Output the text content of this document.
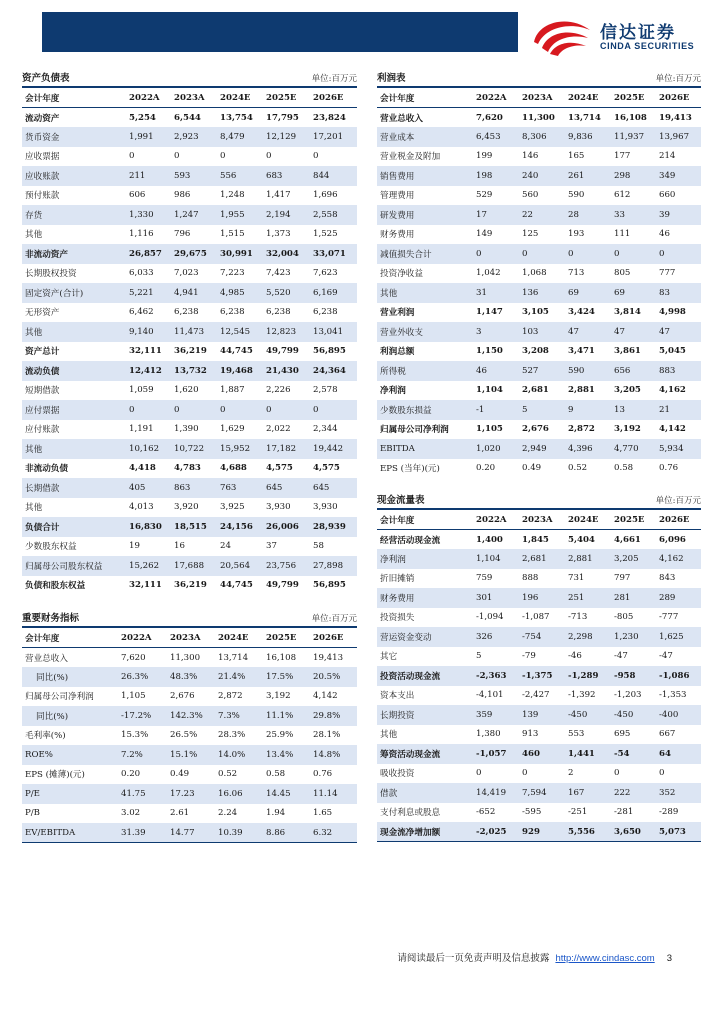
信达证券
CINDA SECURITIES
资产负债表	单位:百万元
会计年度	2022A	2023A	2024E	2025E	2026E
流动资产	5,254	6,544	13,754	17,795	23,824
货币资金	1,991	2,923	8,479	12,129	17,201
应收票据	0	0	0	0	0
应收账款	211	593	556	683	844
预付账款	606	986	1,248	1,417	1,696
存货	1,330	1,247	1,955	2,194	2,558
其他	1,116	796	1,515	1,373	1,525
非流动资产	26,857	29,675	30,991	32,004	33,071
长期股权投资	6,033	7,023	7,223	7,423	7,623
固定资产(合计)	5,221	4,941	4,985	5,520	6,169
无形资产	6,462	6,238	6,238	6,238	6,238
其他	9,140	11,473	12,545	12,823	13,041
资产总计	32,111	36,219	44,745	49,799	56,895
流动负债	12,412	13,732	19,468	21,430	24,364
短期借款	1,059	1,620	1,887	2,226	2,578
应付票据	0	0	0	0	0
应付账款	1,191	1,390	1,629	2,022	2,344
其他	10,162	10,722	15,952	17,182	19,442
非流动负债	4,418	4,783	4,688	4,575	4,575
长期借款	405	863	763	645	645
其他	4,013	3,920	3,925	3,930	3,930
负债合计	16,830	18,515	24,156	26,006	28,939
少数股东权益	19	16	24	37	58
归属母公司股东权益	15,262	17,688	20,564	23,756	27,898
负债和股东权益	32,111	36,219	44,745	49,799	56,895
重要财务指标	单位:百万元
会计年度	2022A	2023A	2024E	2025E	2026E
营业总收入	7,620	11,300	13,714	16,108	19,413
同比(%)	26.3%	48.3%	21.4%	17.5%	20.5%
归属母公司净利润	1,105	2,676	2,872	3,192	4,142
同比(%)	-17.2%	142.3%	7.3%	11.1%	29.8%
毛利率(%)	15.3%	26.5%	28.3%	25.9%	28.1%
ROE%	7.2%	15.1%	14.0%	13.4%	14.8%
EPS (摊薄)(元)	0.20	0.49	0.52	0.58	0.76
P/E	41.75	17.23	16.06	14.45	11.14
P/B	3.02	2.61	2.24	1.94	1.65
EV/EBITDA	31.39	14.77	10.39	8.86	6.32
利润表	单位:百万元
会计年度	2022A	2023A	2024E	2025E	2026E
营业总收入	7,620	11,300	13,714	16,108	19,413
营业成本	6,453	8,306	9,836	11,937	13,967
营业税金及附加	199	146	165	177	214
销售费用	198	240	261	298	349
管理费用	529	560	590	612	660
研发费用	17	22	28	33	39
财务费用	149	125	193	111	46
减值损失合计	0	0	0	0	0
投资净收益	1,042	1,068	713	805	777
其他	31	136	69	69	83
营业利润	1,147	3,105	3,424	3,814	4,998
营业外收支	3	103	47	47	47
利润总额	1,150	3,208	3,471	3,861	5,045
所得税	46	527	590	656	883
净利润	1,104	2,681	2,881	3,205	4,162
少数股东损益	-1	5	9	13	21
归属母公司净利润	1,105	2,676	2,872	3,192	4,142
EBITDA	1,020	2,949	4,396	4,770	5,934
EPS (当年)(元)	0.20	0.49	0.52	0.58	0.76
现金流量表	单位:百万元
会计年度	2022A	2023A	2024E	2025E	2026E
经营活动现金流	1,400	1,845	5,404	4,661	6,096
净利润	1,104	2,681	2,881	3,205	4,162
折旧摊销	759	888	731	797	843
财务费用	301	196	251	281	289
投资损失	-1,094	-1,087	-713	-805	-777
营运资金变动	326	-754	2,298	1,230	1,625
其它	5	-79	-46	-47	-47
投资活动现金流	-2,363	-1,375	-1,289	-958	-1,086
资本支出	-4,101	-2,427	-1,392	-1,203	-1,353
长期投资	359	139	-450	-450	-400
其他	1,380	913	553	695	667
筹资活动现金流	-1,057	460	1,441	-54	64
吸收投资	0	0	2	0	0
借款	14,419	7,594	167	222	352
支付利息或股息	-652	-595	-251	-281	-289
现金流净增加额	-2,025	929	5,556	3,650	5,073
请阅读最后一页免责声明及信息披露 http://www.cindasc.com 3
